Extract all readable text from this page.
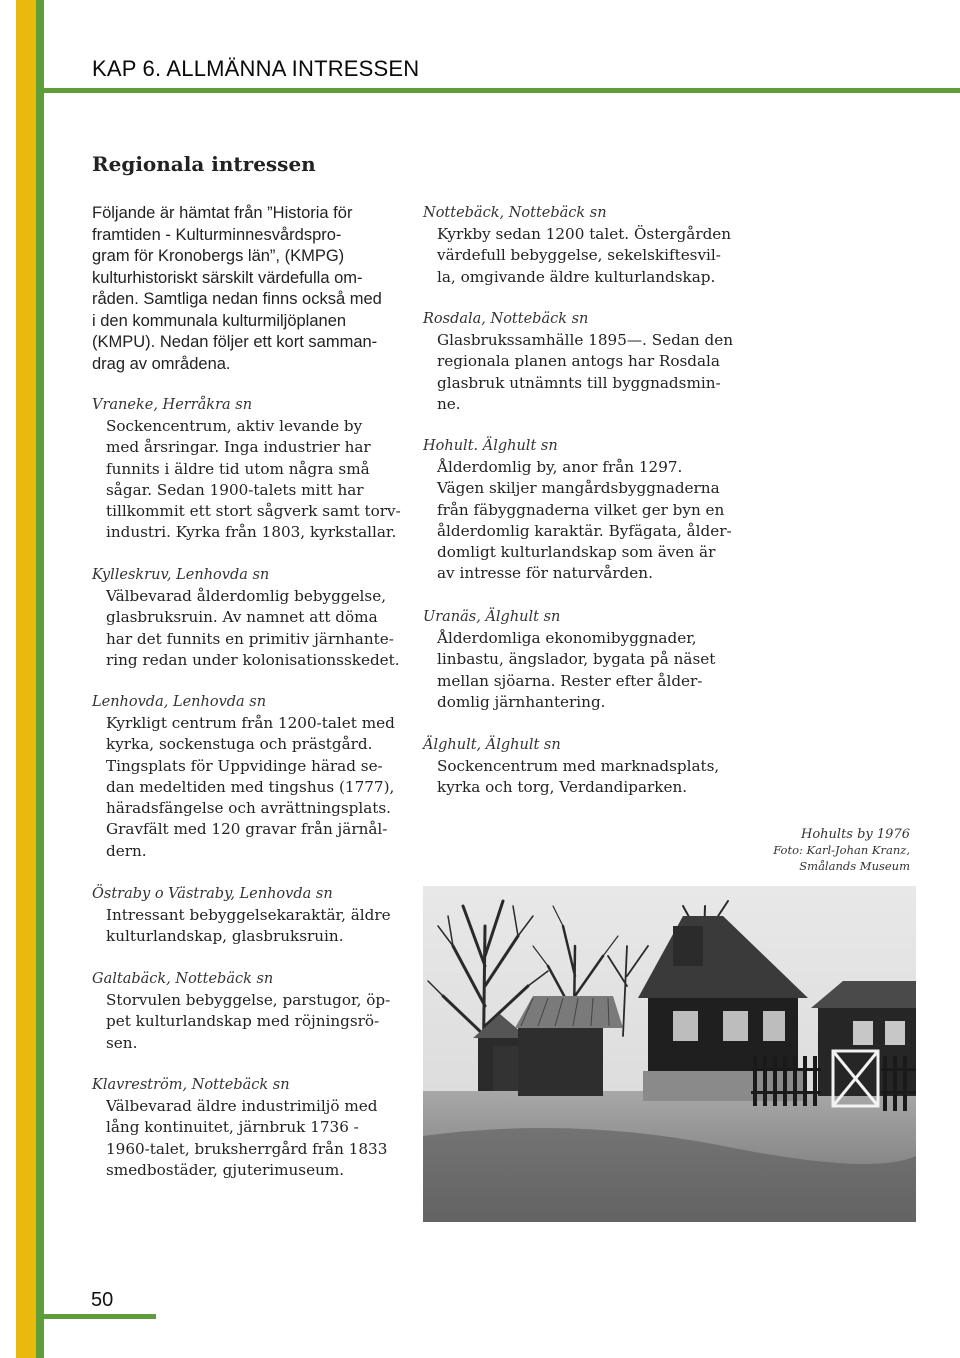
KAP 6. ALLMÄNNA INTRESSEN
Regionala intressen
Följande är hämtat från ”Historia för
framtiden - Kulturminnesvårdspro-
gram för Kronobergs län”, (KMPG)
kulturhistoriskt särskilt värdefulla om-
råden. Samtliga nedan finns också med
i den kommunala kulturmiljöplanen
(KMPU). Nedan följer ett kort samman-
drag av områdena.
Vraneke, Herråkra sn
Sockencentrum, aktiv levande by
med årsringar. Inga industrier har
funnits i äldre tid utom några små
sågar. Sedan 1900-talets mitt har
tillkommit ett stort sågverk samt torv-
industri. Kyrka från 1803, kyrkstallar.
Kylleskruv, Lenhovda sn
Välbevarad ålderdomlig bebyggelse,
glasbruksruin. Av namnet att döma
har det funnits en primitiv järnhante-
ring redan under kolonisationsskedet.
Lenhovda, Lenhovda sn
Kyrkligt centrum från 1200-talet med
kyrka, sockenstuga och prästgård.
Tingsplats för Uppvidinge härad se-
dan medeltiden med tingshus (1777),
häradsfängelse och avrättningsplats.
Gravfält med 120 gravar från järnål-
dern.
Östraby o Västraby, Lenhovda sn
Intressant bebyggelsekaraktär, äldre
kulturlandskap, glasbruksruin.
Galtabäck, Nottebäck sn
Storvulen bebyggelse, parstugor, öp-
pet kulturlandskap med röjningsrö-
sen.
Klavreström, Nottebäck sn
Välbevarad äldre industrimiljö med
lång kontinuitet, järnbruk 1736 -
1960-talet, bruksherrgård från 1833
smedbostäder, gjuterimuseum.
Nottebäck, Nottebäck sn
Kyrkby sedan 1200 talet. Östergården
värdefull bebyggelse, sekelskiftesvil-
la, omgivande äldre kulturlandskap.
Rosdala, Nottebäck sn
Glasbrukssamhälle 1895—. Sedan den
regionala planen antogs har Rosdala
glasbruk utnämnts till byggnadsmin-
ne.
Hohult. Älghult sn
Ålderdomlig by, anor från 1297.
Vägen skiljer mangårdsbyggnaderna
från fäbyggnaderna vilket ger byn en
ålderdomlig karaktär. Byfägata, ålder-
domligt kulturlandskap som även är
av intresse för naturvården.
Uranäs, Älghult sn
Ålderdomliga ekonomibyggnader,
linbastu, ängslador, bygata på näset
mellan sjöarna. Rester efter ålder-
domlig järnhantering.
Älghult, Älghult sn
Sockencentrum med marknadsplats,
kyrka och torg, Verdandiparken.
Hohults by 1976
Foto: Karl-Johan Kranz,
Smålands Museum
50
